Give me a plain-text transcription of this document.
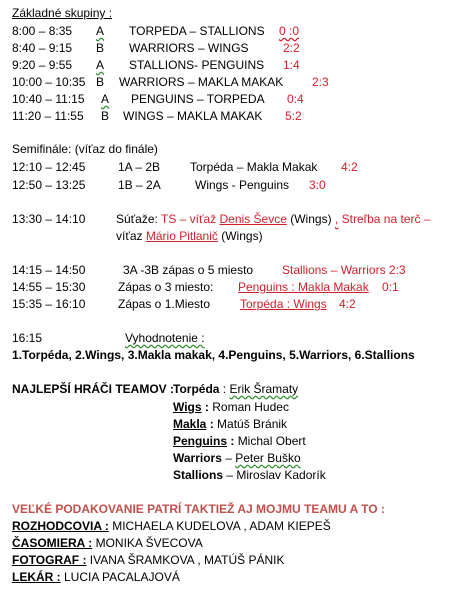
Základné skupiny :
8:00 – 8:35 A TORPEDA – STALLIONS 0 :0
8:40 – 9:15 B WARRIORS – WINGS	2:2
9:20 – 9:55 A STALLIONS- PENGUINS 1:4
10:00 – 10:35 B WARRIORS – MAKLA MAKAK 2:3
10:40 – 11:15 A PENGUINS – TORPEDA 0:4
11:20 – 11:55 B WINGS – MAKLA MAKAK 5:2
Semifinále: (víťaz do finále)
12:10 – 12:45	1A – 2B Torpéda – Makla Makak 4:2
12:50 – 13:25	1B – 2A	Wings - Penguins 3:0
13:30 – 14:10	Súťaže: TS – víťaž Denis Ševce (Wings) , Streľba na terč –
víťaz Mário Pitlanič (Wings)
14:15 – 14:50	3A -3B zápas o 5 miesto Stallions – Warriors 2:3
14:55 – 15:30	Zápas o 3 miesto: Penguins : Makla Makak 0:1
15:35 – 16:10	Zápas o 1.Miesto Torpéda : Wings 4:2
16:15	Vyhodnotenie :
1.Torpéda, 2.Wings, 3.Makla makak, 4.Penguins, 5.Warriors, 6.Stallions
NAJLEPŠÍ HRÁČI TEAMOV :
Torpéda : Erik Šramaty
Wigs : Roman Hudec
Makla : Matúš Bránik
Penguins : Michal Obert
Warriors – Peter Buško
Stallions – Miroslav Kadorík
VEĽKÉ PODAKOVANIE PATRÍ TAKTIEŽ AJ MOJMU TEAMU A TO :
ROZHODCOVIA : MICHAELA KUDELOVA , ADAM KIEPEŠ
ČASOMIERA : MONIKA ŠVECOVA
FOTOGRAF : IVANA ŠRAMKOVA , MATÚŠ PÁNIK
LEKÁR : LUCIA PACALAJOVÁ
